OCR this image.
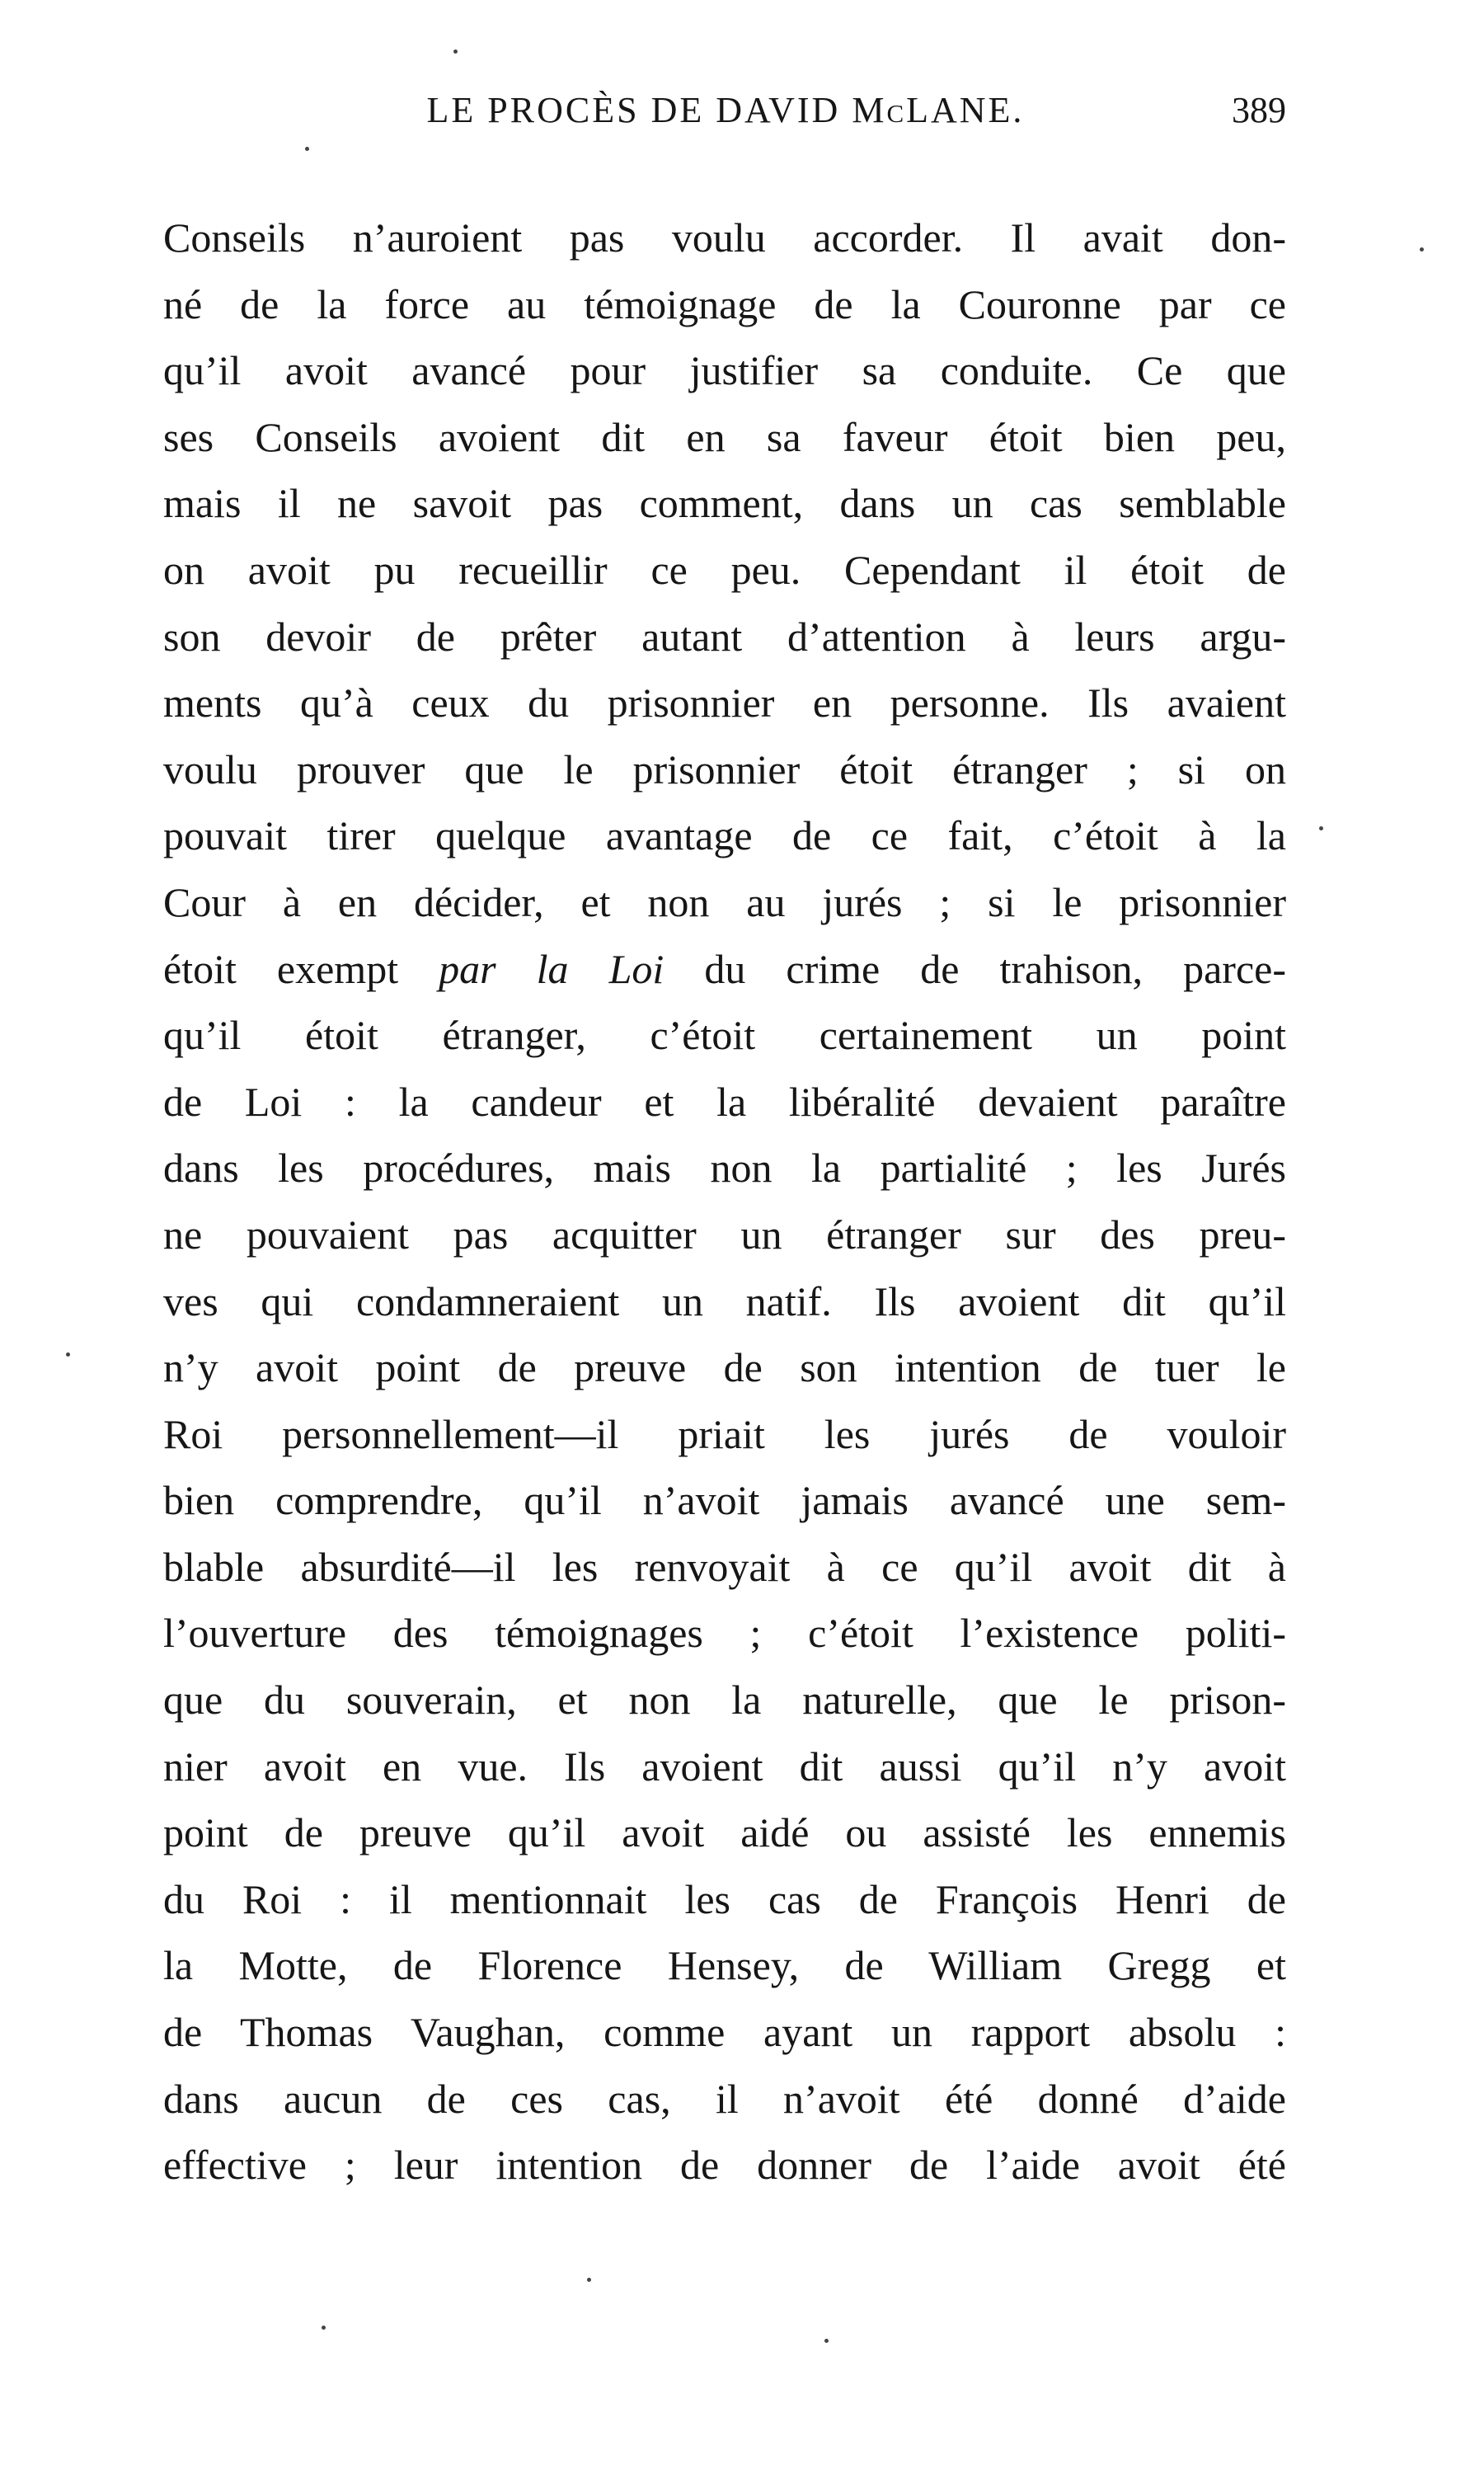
LE PROCÈS DE DAVID McLANE.	389
Conseils n’auroient pas voulu accorder. Il avait don-
né de la force au témoignage de la Couronne par ce
qu’il avoit avancé pour justifier sa conduite. Ce que
ses Conseils avoient dit en sa faveur étoit bien peu,
mais il ne savoit pas comment, dans un cas semblable
on avoit pu recueillir ce peu. Cependant il étoit de
son devoir de prêter autant d’attention à leurs argu-
ments qu’à ceux du prisonnier en personne. Ils avaient
voulu prouver que le prisonnier étoit étranger ; si on
pouvait tirer quelque avantage de ce fait, c’étoit à la
Cour à en décider, et non au jurés ; si le prisonnier
étoit exempt par la Loi du crime de trahison, parce-
qu’il étoit étranger, c’étoit certainement un point
de Loi : la candeur et la libéralité devaient paraître
dans les procédures, mais non la partialité ; les Jurés
ne pouvaient pas acquitter un étranger sur des preu-
ves qui condamneraient un natif. Ils avoient dit qu’il
n’y avoit point de preuve de son intention de tuer le
Roi personnellement—il priait les jurés de vouloir
bien comprendre, qu’il n’avoit jamais avancé une sem-
blable absurdité—il les renvoyait à ce qu’il avoit dit à
l’ouverture des témoignages ; c’étoit l’existence politi-
que du souverain, et non la naturelle, que le prison-
nier avoit en vue. Ils avoient dit aussi qu’il n’y avoit
point de preuve qu’il avoit aidé ou assisté les ennemis
du Roi : il mentionnait les cas de François Henri de
la Motte, de Florence Hensey, de William Gregg et
de Thomas Vaughan, comme ayant un rapport absolu :
dans aucun de ces cas, il n’avoit été donné d’aide
effective ; leur intention de donner de l’aide avoit été
